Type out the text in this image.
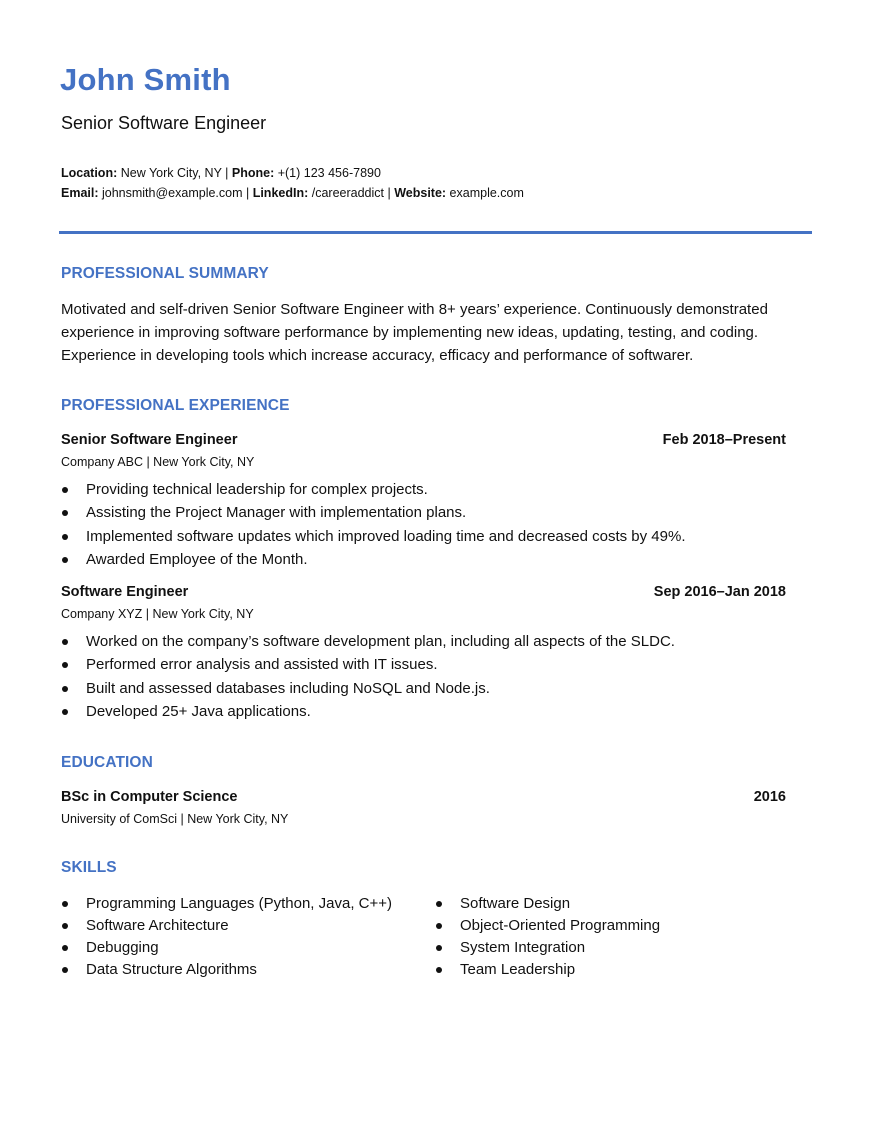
John Smith
Senior Software Engineer
Location: New York City, NY | Phone: +(1) 123 456-7890
Email: johnsmith@example.com | LinkedIn: /careeraddict | Website: example.com
PROFESSIONAL SUMMARY
Motivated and self-driven Senior Software Engineer with 8+ years’ experience. Continuously demonstrated experience in improving software performance by implementing new ideas, updating, testing, and coding. Experience in developing tools which increase accuracy, efficacy and performance of softwarer.
PROFESSIONAL EXPERIENCE
Senior Software Engineer	Feb 2018–Present
Company ABC | New York City, NY
Providing technical leadership for complex projects.
Assisting the Project Manager with implementation plans.
Implemented software updates which improved loading time and decreased costs by 49%.
Awarded Employee of the Month.
Software Engineer	Sep 2016–Jan 2018
Company XYZ | New York City, NY
Worked on the company’s software development plan, including all aspects of the SLDC.
Performed error analysis and assisted with IT issues.
Built and assessed databases including NoSQL and Node.js.
Developed 25+ Java applications.
EDUCATION
BSc in Computer Science	2016
University of ComSci | New York City, NY
SKILLS
Programming Languages (Python, Java, C++)
Software Architecture
Debugging
Data Structure Algorithms
Software Design
Object-Oriented Programming
System Integration
Team Leadership
